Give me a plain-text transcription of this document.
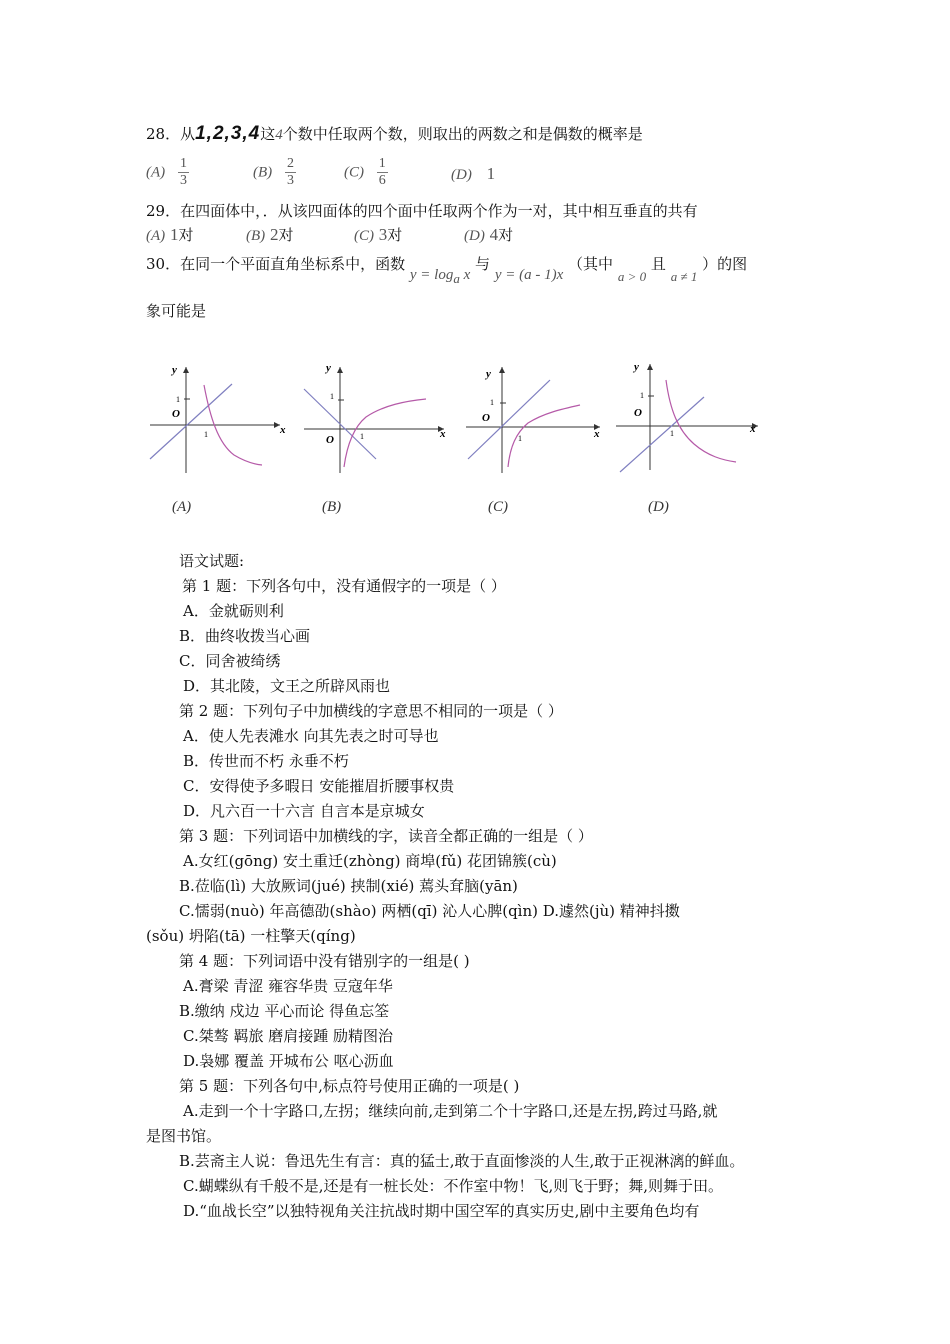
28．从1,2,3,4这4个数中任取两个数，则取出的两数之和是偶数的概率是
$(A) \frac{1}{3}$	$(B) \frac{2}{3}$	$(C) \frac{1}{6}$	(D) 1
29．在四面体中，．从该四面体的四个面中任取两个作为一对，其中相互垂直的共有
(A) 1对	(B) 2对	(C) 3对	(D) 4对
30．在同一个平面直角坐标系中，函数 $y = \log_a x$ 与 y = (a - 1)x （其中 a > 0 且 a ≠ 1 ）的图
象可能是
y
x
O
1
1
(A)
y
x
O
1
1
(B)
y
x
O
1
1
(C)
y
x
O
1
1
(D)
语文试题:
第 1 题：下列各句中，没有通假字的一项是（ ）
A．金就砺则利
B．曲终收拨当心画
C．同舍被绮绣
D．其北陵，文王之所辟风雨也
第 2 题：下列句子中加横线的字意思不相同的一项是（ ）
A．使人先表滩水 向其先表之时可导也
B．传世而不朽 永垂不朽
C．安得使予多暇日 安能摧眉折腰事权贵
D．凡六百一十六言 自言本是京城女
第 3 题：下列词语中加横线的字，读音全都正确的一组是（ ）
A.女红(gōng) 安土重迁(zhòng) 商埠(fǔ) 花团锦簇(cù)
B.莅临(lì) 大放厥词(jué) 挟制(xié) 蔫头耷脑(yān)
C.懦弱(nuò) 年高德劭(shào) 两栖(qī) 沁人心脾(qìn) D.遽然(jù) 精神抖擞
(sǒu) 坍陷(tā) 一柱擎天(qíng)
第 4 题：下列词语中没有错别字的一组是( )
A.膏梁 青涩 雍容华贵 豆寇年华
B.缴纳 戍边 平心而论 得鱼忘筌
C.桀骜 羁旅 磨肩接踵 励精图治
D.袅娜 覆盖 开城布公 呕心沥血
第 5 题：下列各句中,标点符号使用正确的一项是( )
A.走到一个十字路口,左拐；继续向前,走到第二个十字路口,还是左拐,跨过马路,就
是图书馆。
B.芸斋主人说：鲁迅先生有言：真的猛士,敢于直面惨淡的人生,敢于正视淋漓的鲜血。
C.蝴蝶纵有千般不是,还是有一桩长处：不作室中物！飞,则飞于野；舞,则舞于田。
D.“血战长空”以独特视角关注抗战时期中国空军的真实历史,剧中主要角色均有
